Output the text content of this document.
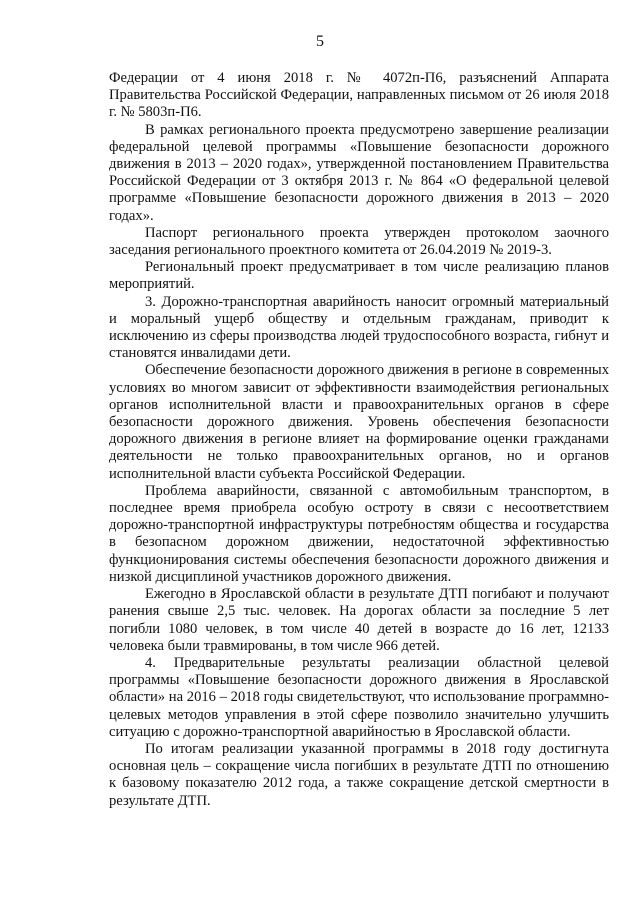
5

Федерации от 4 июня 2018 г. № 4072п-П6, разъяснений Аппарата Правительства Российской Федерации, направленных письмом от 26 июля 2018 г. № 5803п-П6.

В рамках регионального проекта предусмотрено завершение реализации федеральной целевой программы «Повышение безопасности дорожного движения в 2013 – 2020 годах», утвержденной постановлением Правительства Российской Федерации от 3 октября 2013 г. № 864 «О федеральной целевой программе «Повышение безопасности дорожного движения в 2013 – 2020 годах».

Паспорт регионального проекта утвержден протоколом заочного заседания регионального проектного комитета от 26.04.2019 № 2019-3.

Региональный проект предусматривает в том числе реализацию планов мероприятий.

3. Дорожно-транспортная аварийность наносит огромный материальный и моральный ущерб обществу и отдельным гражданам, приводит к исключению из сферы производства людей трудоспособного возраста, гибнут и становятся инвалидами дети.

Обеспечение безопасности дорожного движения в регионе в современных условиях во многом зависит от эффективности взаимодействия региональных органов исполнительной власти и правоохранительных органов в сфере безопасности дорожного движения. Уровень обеспечения безопасности дорожного движения в регионе влияет на формирование оценки гражданами деятельности не только правоохранительных органов, но и органов исполнительной власти субъекта Российской Федерации.

Проблема аварийности, связанной с автомобильным транспортом, в последнее время приобрела особую остроту в связи с несоответствием дорожно-транспортной инфраструктуры потребностям общества и государства в безопасном дорожном движении, недостаточной эффективностью функционирования системы обеспечения безопасности дорожного движения и низкой дисциплиной участников дорожного движения.

Ежегодно в Ярославской области в результате ДТП погибают и получают ранения свыше 2,5 тыс. человек. На дорогах области за последние 5 лет погибли 1080 человек, в том числе 40 детей в возрасте до 16 лет, 12133 человека были травмированы, в том числе 966 детей.

4. Предварительные результаты реализации областной целевой программы «Повышение безопасности дорожного движения в Ярославской области» на 2016 – 2018 годы свидетельствуют, что использование программно-целевых методов управления в этой сфере позволило значительно улучшить ситуацию с дорожно-транспортной аварийностью в Ярославской области.

По итогам реализации указанной программы в 2018 году достигнута основная цель – сокращение числа погибших в результате ДТП по отношению к базовому показателю 2012 года, а также сокращение детской смертности в результате ДТП.
